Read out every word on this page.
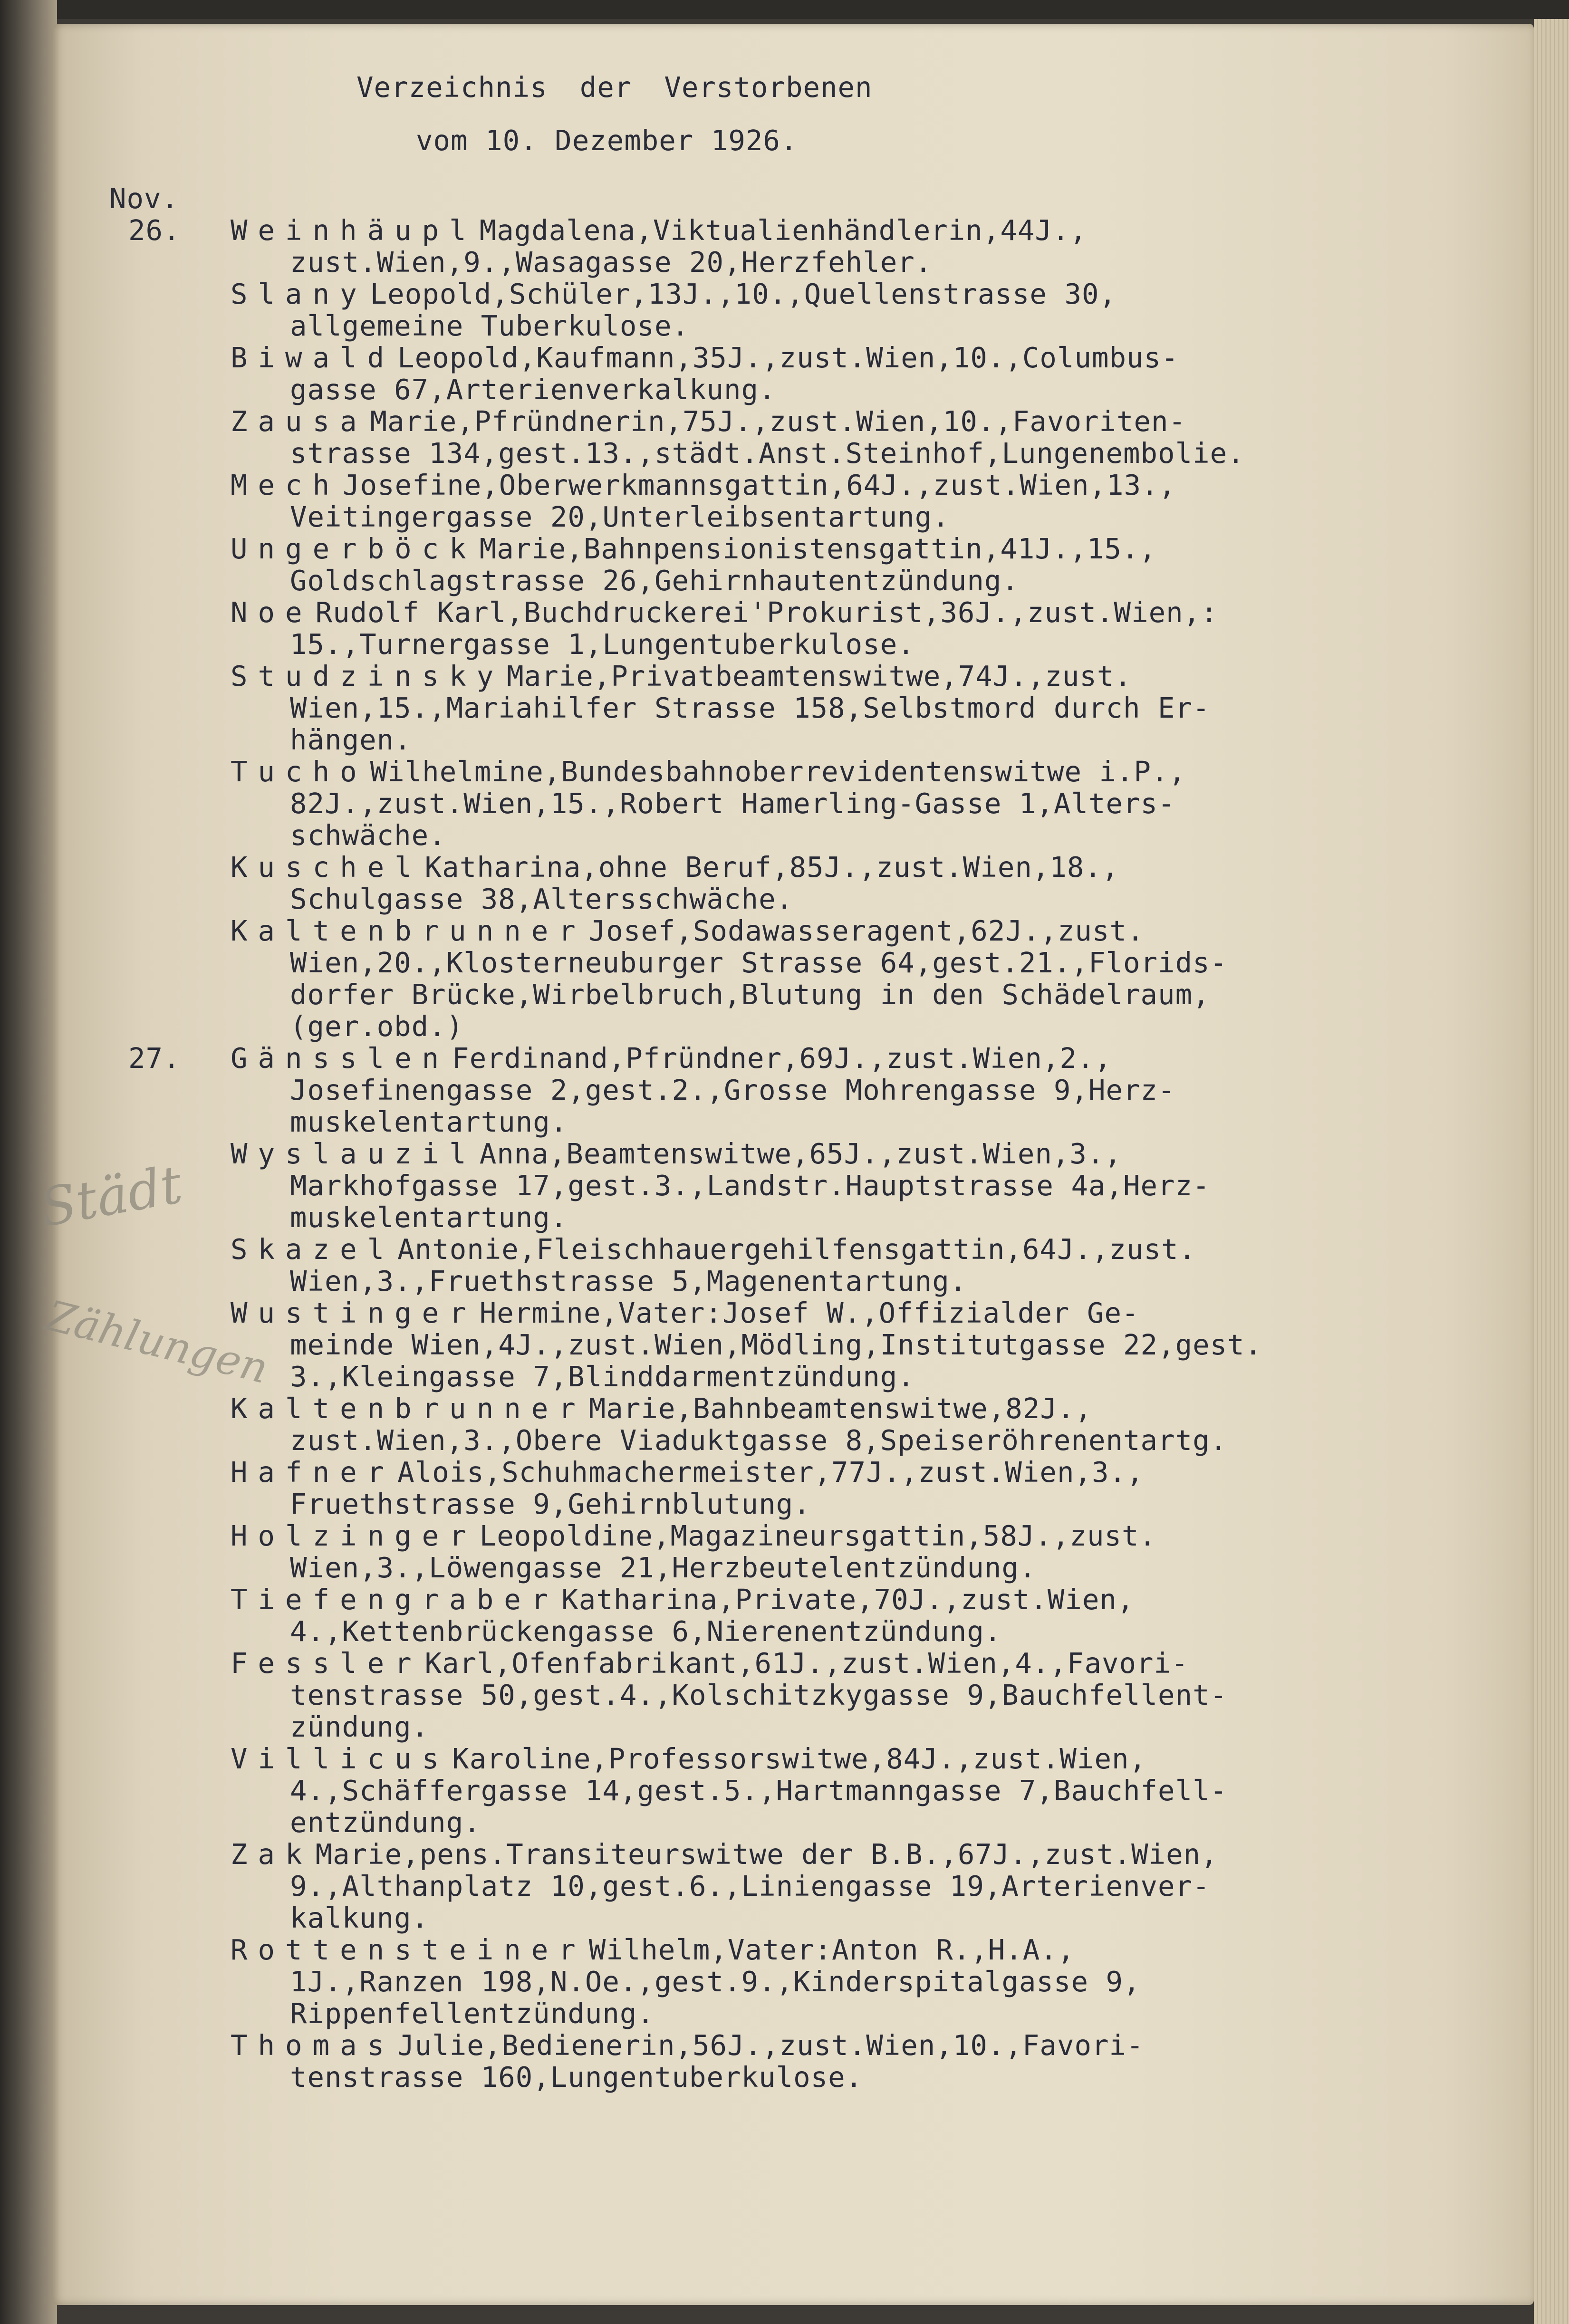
Städt
Zählungen
Verzeichnis der Verstorbenen
vom 10. Dezember 1926.
Nov.
26.	Weinhäupl Magdalena,Viktualienhändlerin,44J.,
zust.Wien,9.,Wasagasse 20,Herzfehler.
Slany Leopold,Schüler,13J.,10.,Quellenstrasse 30,
allgemeine Tuberkulose.
Biwald Leopold,Kaufmann,35J.,zust.Wien,10.,Columbus-
gasse 67,Arterienverkalkung.
Zausa Marie,Pfründnerin,75J.,zust.Wien,10.,Favoriten-
strasse 134,gest.13.,städt.Anst.Steinhof,Lungenembolie.
Mech Josefine,Oberwerkmannsgattin,64J.,zust.Wien,13.,
Veitingergasse 20,Unterleibsentartung.
Ungerböck Marie,Bahnpensionistensgattin,41J.,15.,
Goldschlagstrasse 26,Gehirnhautentzündung.
Noe Rudolf Karl,Buchdruckerei'Prokurist,36J.,zust.Wien,:
15.,Turnergasse 1,Lungentuberkulose.
Studzinsky Marie,Privatbeamtenswitwe,74J.,zust.
Wien,15.,Mariahilfer Strasse 158,Selbstmord durch Er-
hängen.
Tucho Wilhelmine,Bundesbahnoberrevidentenswitwe i.P.,
82J.,zust.Wien,15.,Robert Hamerling-Gasse 1,Alters-
schwäche.
Kuschel Katharina,ohne Beruf,85J.,zust.Wien,18.,
Schulgasse 38,Altersschwäche.
Kaltenbrunner Josef,Sodawasseragent,62J.,zust.
Wien,20.,Klosterneuburger Strasse 64,gest.21.,Florids-
dorfer Brücke,Wirbelbruch,Blutung in den Schädelraum,
(ger.obd.)
27.	Gänsslen Ferdinand,Pfründner,69J.,zust.Wien,2.,
Josefinengasse 2,gest.2.,Grosse Mohrengasse 9,Herz-
muskelentartung.
Wyslauzil Anna,Beamtenswitwe,65J.,zust.Wien,3.,
Markhofgasse 17,gest.3.,Landstr.Hauptstrasse 4a,Herz-
muskelentartung.
Skazel Antonie,Fleischhauergehilfensgattin,64J.,zust.
Wien,3.,Fruethstrasse 5,Magenentartung.
Wustinger Hermine,Vater:Josef W.,Offizialder Ge-
meinde Wien,4J.,zust.Wien,Mödling,Institutgasse 22,gest.
3.,Kleingasse 7,Blinddarmentzündung.
Kaltenbrunner Marie,Bahnbeamtenswitwe,82J.,
zust.Wien,3.,Obere Viaduktgasse 8,Speiseröhrenentartg.
Hafner Alois,Schuhmachermeister,77J.,zust.Wien,3.,
Fruethstrasse 9,Gehirnblutung.
Holzinger Leopoldine,Magazineursgattin,58J.,zust.
Wien,3.,Löwengasse 21,Herzbeutelentzündung.
Tiefengraber Katharina,Private,70J.,zust.Wien,
4.,Kettenbrückengasse 6,Nierenentzündung.
Fessler Karl,Ofenfabrikant,61J.,zust.Wien,4.,Favori-
tenstrasse 50,gest.4.,Kolschitzkygasse 9,Bauchfellent-
zündung.
Villicus Karoline,Professorswitwe,84J.,zust.Wien,
4.,Schäffergasse 14,gest.5.,Hartmanngasse 7,Bauchfell-
entzündung.
Zak Marie,pens.Transiteurswitwe der B.B.,67J.,zust.Wien,
9.,Althanplatz 10,gest.6.,Liniengasse 19,Arterienver-
kalkung.
Rottensteiner Wilhelm,Vater:Anton R.,H.A.,
1J.,Ranzen 198,N.Oe.,gest.9.,Kinderspitalgasse 9,
Rippenfellentzündung.
Thomas Julie,Bedienerin,56J.,zust.Wien,10.,Favori-
tenstrasse 160,Lungentuberkulose.
